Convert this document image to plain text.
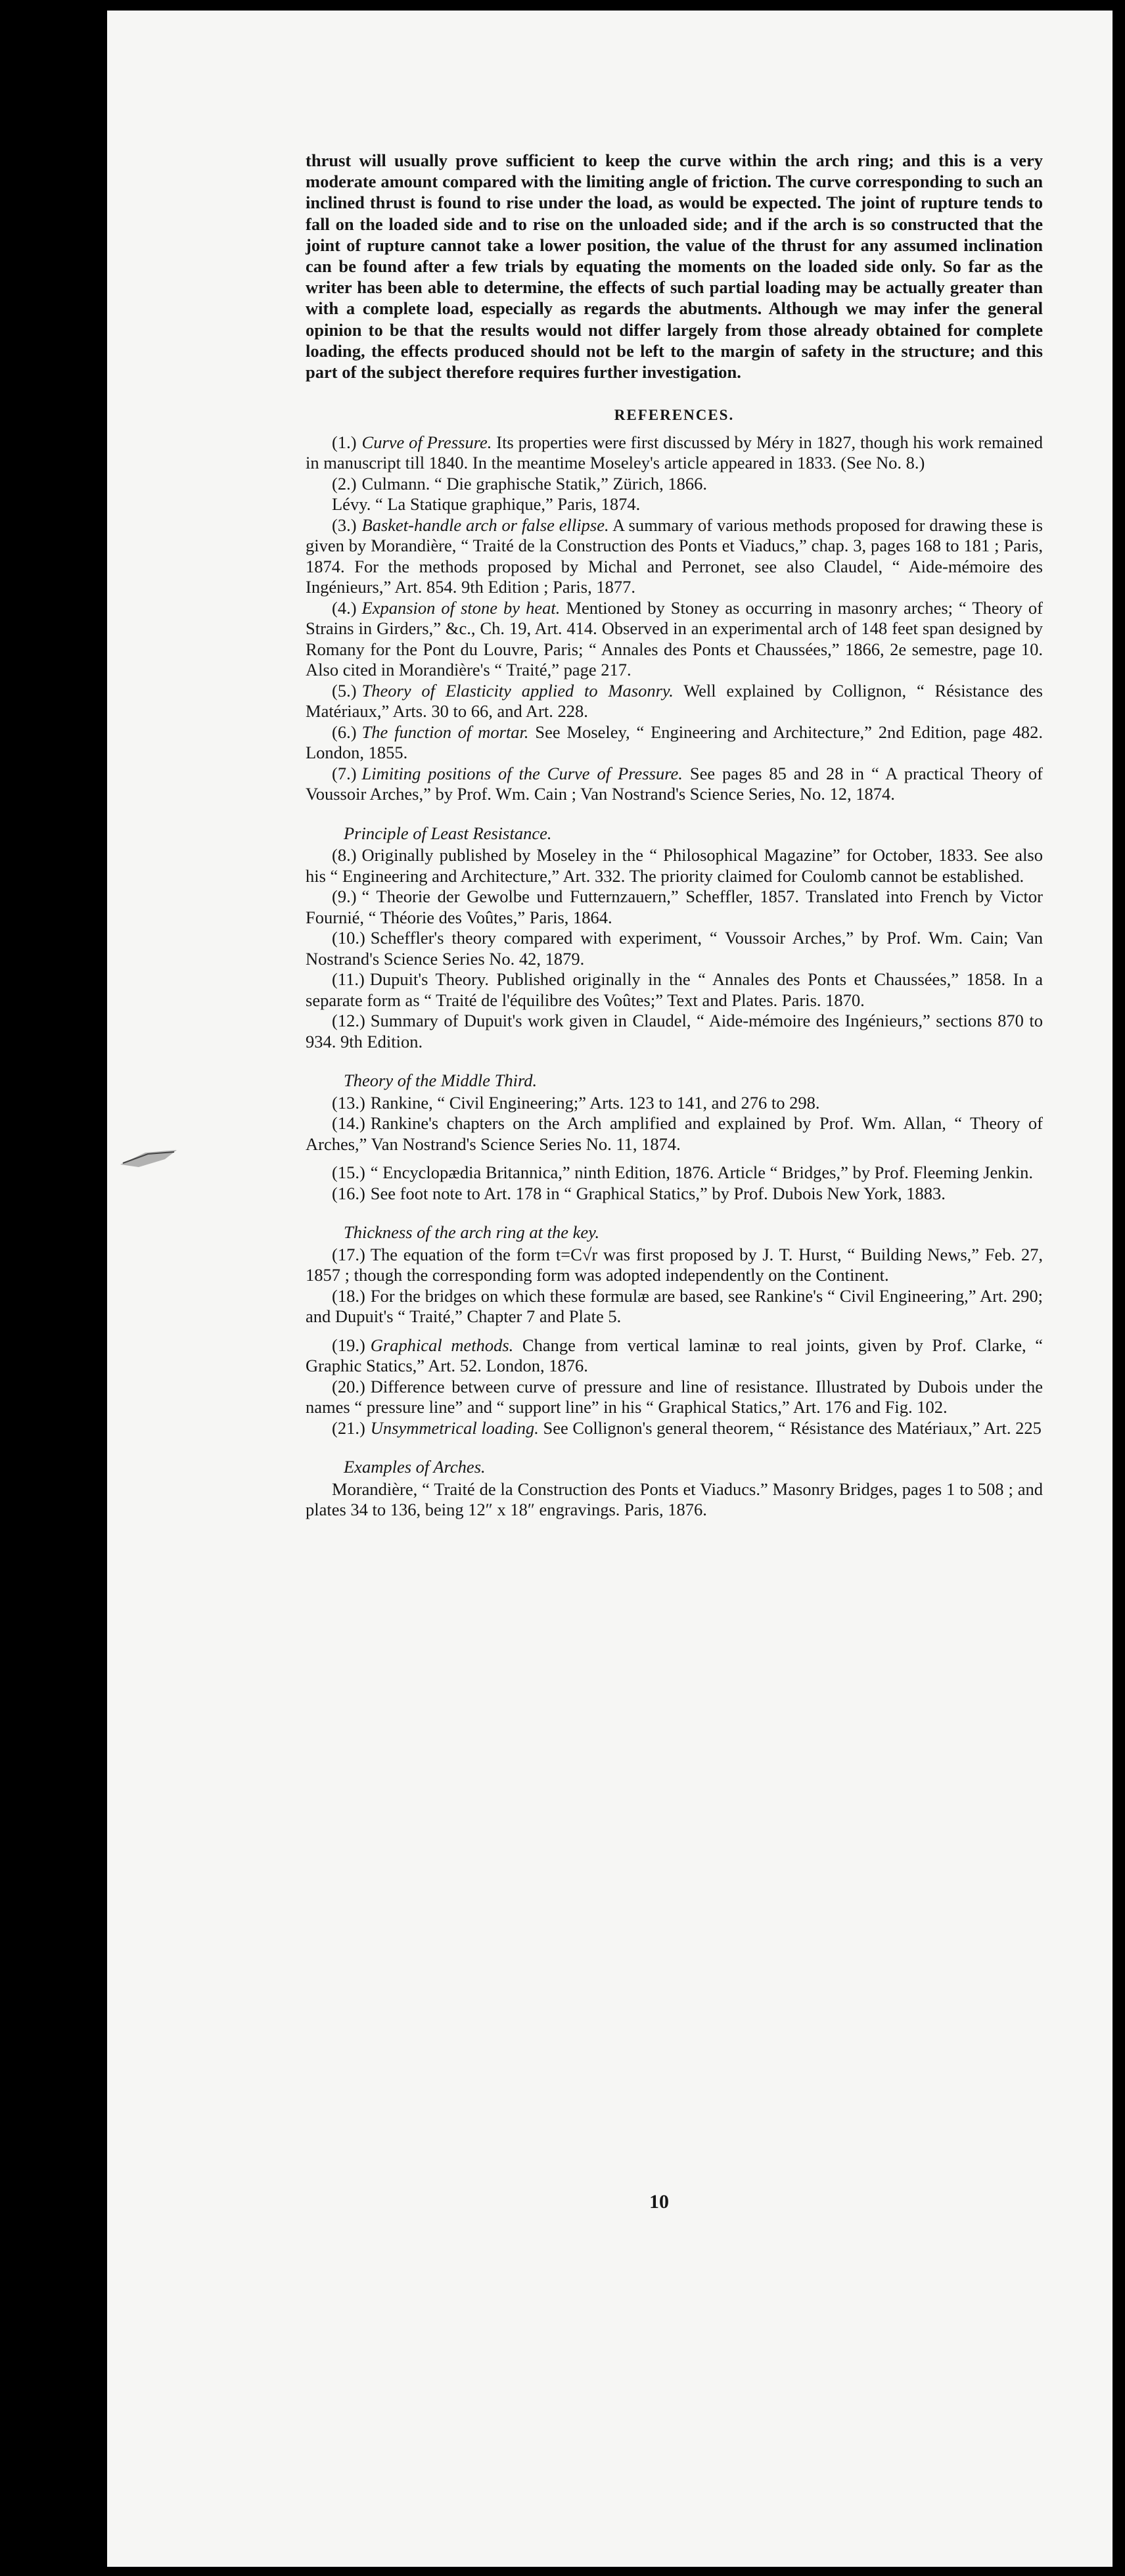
thrust will usually prove sufficient to keep the curve within the arch ring; and this is a very moderate amount compared with the limiting angle of friction. The curve corresponding to such an inclined thrust is found to rise under the load, as would be expected. The joint of rupture tends to fall on the loaded side and to rise on the unloaded side; and if the arch is so constructed that the joint of rupture cannot take a lower position, the value of the thrust for any assumed inclination can be found after a few trials by equating the moments on the loaded side only. So far as the writer has been able to determine, the effects of such partial loading may be actually greater than with a complete load, especially as regards the abutments. Although we may infer the general opinion to be that the results would not differ largely from those already obtained for complete loading, the effects produced should not be left to the margin of safety in the structure; and this part of the subject therefore requires further investigation.

REFERENCES.

(1.) Curve of Pressure. Its properties were first discussed by Méry in 1827, though his work remained in manuscript till 1840. In the meantime Moseley's article appeared in 1833. (See No. 8.)

(2.) Culmann. “ Die graphische Statik,” Zürich, 1866.

Lévy. “ La Statique graphique,” Paris, 1874.

(3.) Basket-handle arch or false ellipse. A summary of various methods proposed for drawing these is given by Morandière, “ Traité de la Construction des Ponts et Viaducs,” chap. 3, pages 168 to 181 ; Paris, 1874. For the methods proposed by Michal and Perronet, see also Claudel, “ Aide-mémoire des Ingénieurs,” Art. 854. 9th Edition ; Paris, 1877.

(4.) Expansion of stone by heat. Mentioned by Stoney as occurring in masonry arches; “ Theory of Strains in Girders,” &c., Ch. 19, Art. 414. Observed in an experimental arch of 148 feet span designed by Romany for the Pont du Louvre, Paris; “ Annales des Ponts et Chaussées,” 1866, 2e semestre, page 10. Also cited in Morandière's “ Traité,” page 217.

(5.) Theory of Elasticity applied to Masonry. Well explained by Collignon, “ Résistance des Matériaux,” Arts. 30 to 66, and Art. 228.

(6.) The function of mortar. See Moseley, “ Engineering and Architecture,” 2nd Edition, page 482. London, 1855.

(7.) Limiting positions of the Curve of Pressure. See pages 85 and 28 in “ A practical Theory of Voussoir Arches,” by Prof. Wm. Cain ; Van Nostrand's Science Series, No. 12, 1874.

Principle of Least Resistance.

(8.) Originally published by Moseley in the “ Philosophical Magazine” for October, 1833. See also his “ Engineering and Architecture,” Art. 332. The priority claimed for Coulomb cannot be established.

(9.) “ Theorie der Gewolbe und Futternzauern,” Scheffler, 1857. Translated into French by Victor Fournié, “ Théorie des Voûtes,” Paris, 1864.

(10.) Scheffler's theory compared with experiment, “ Voussoir Arches,” by Prof. Wm. Cain; Van Nostrand's Science Series No. 42, 1879.

(11.) Dupuit's Theory. Published originally in the “ Annales des Ponts et Chaussées,” 1858. In a separate form as “ Traité de l'équilibre des Voûtes;” Text and Plates. Paris. 1870.

(12.) Summary of Dupuit's work given in Claudel, “ Aide-mémoire des Ingénieurs,” sections 870 to 934. 9th Edition.

Theory of the Middle Third.

(13.) Rankine, “ Civil Engineering;” Arts. 123 to 141, and 276 to 298.

(14.) Rankine's chapters on the Arch amplified and explained by Prof. Wm. Allan, “ Theory of Arches,” Van Nostrand's Science Series No. 11, 1874.

(15.) “ Encyclopædia Britannica,” ninth Edition, 1876. Article “ Bridges,” by Prof. Fleeming Jenkin.

(16.) See foot note to Art. 178 in “ Graphical Statics,” by Prof. Dubois New York, 1883.

Thickness of the arch ring at the key.

(17.) The equation of the form t=C√r was first proposed by J. T. Hurst, “ Building News,” Feb. 27, 1857 ; though the corresponding form was adopted independently on the Continent.

(18.) For the bridges on which these formulæ are based, see Rankine's “ Civil Engineering,” Art. 290; and Dupuit's “ Traité,” Chapter 7 and Plate 5.

(19.) Graphical methods. Change from vertical laminæ to real joints, given by Prof. Clarke, “ Graphic Statics,” Art. 52. London, 1876.

(20.) Difference between curve of pressure and line of resistance. Illustrated by Dubois under the names “ pressure line” and “ support line” in his “ Graphical Statics,” Art. 176 and Fig. 102.

(21.) Unsymmetrical loading. See Collignon's general theorem, “ Résistance des Matériaux,” Art. 225

Examples of Arches.

Morandière, “ Traité de la Construction des Ponts et Viaducs.” Masonry Bridges, pages 1 to 508 ; and plates 34 to 136, being 12″ x 18″ engravings. Paris, 1876.

10
